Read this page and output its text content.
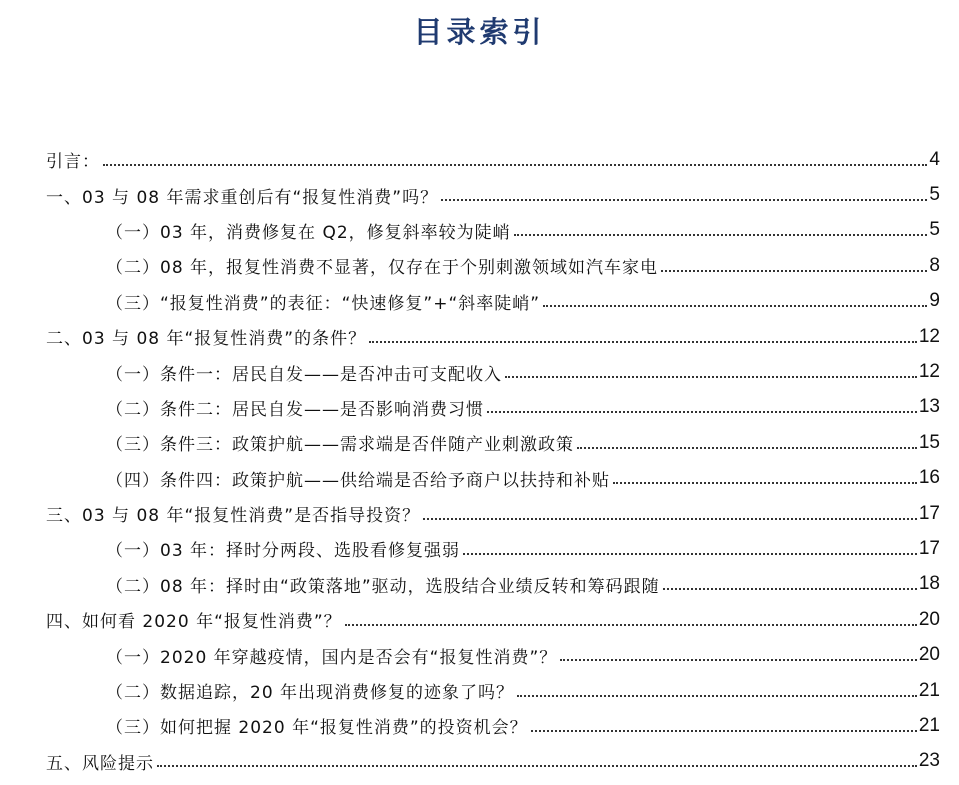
目录索引
引言：	4
一、03 与 08 年需求重创后有“报复性消费”吗？	5
（一）03 年，消费修复在 Q2，修复斜率较为陡峭	5
（二）08 年，报复性消费不显著，仅存在于个别刺激领域如汽车家电	8
（三）“报复性消费”的表征：“快速修复”+“斜率陡峭”	9
二、03 与 08 年“报复性消费”的条件？	12
（一）条件一：居民自发——是否冲击可支配收入	12
（二）条件二：居民自发——是否影响消费习惯	13
（三）条件三：政策护航——需求端是否伴随产业刺激政策	15
（四）条件四：政策护航——供给端是否给予商户以扶持和补贴	16
三、03 与 08 年“报复性消费”是否指导投资？	17
（一）03 年：择时分两段、选股看修复强弱	17
（二）08 年：择时由“政策落地”驱动，选股结合业绩反转和筹码跟随	18
四、如何看 2020 年“报复性消费”？	20
（一）2020 年穿越疫情，国内是否会有“报复性消费”？	20
（二）数据追踪，20 年出现消费修复的迹象了吗？	21
（三）如何把握 2020 年“报复性消费”的投资机会？	21
五、风险提示	23
